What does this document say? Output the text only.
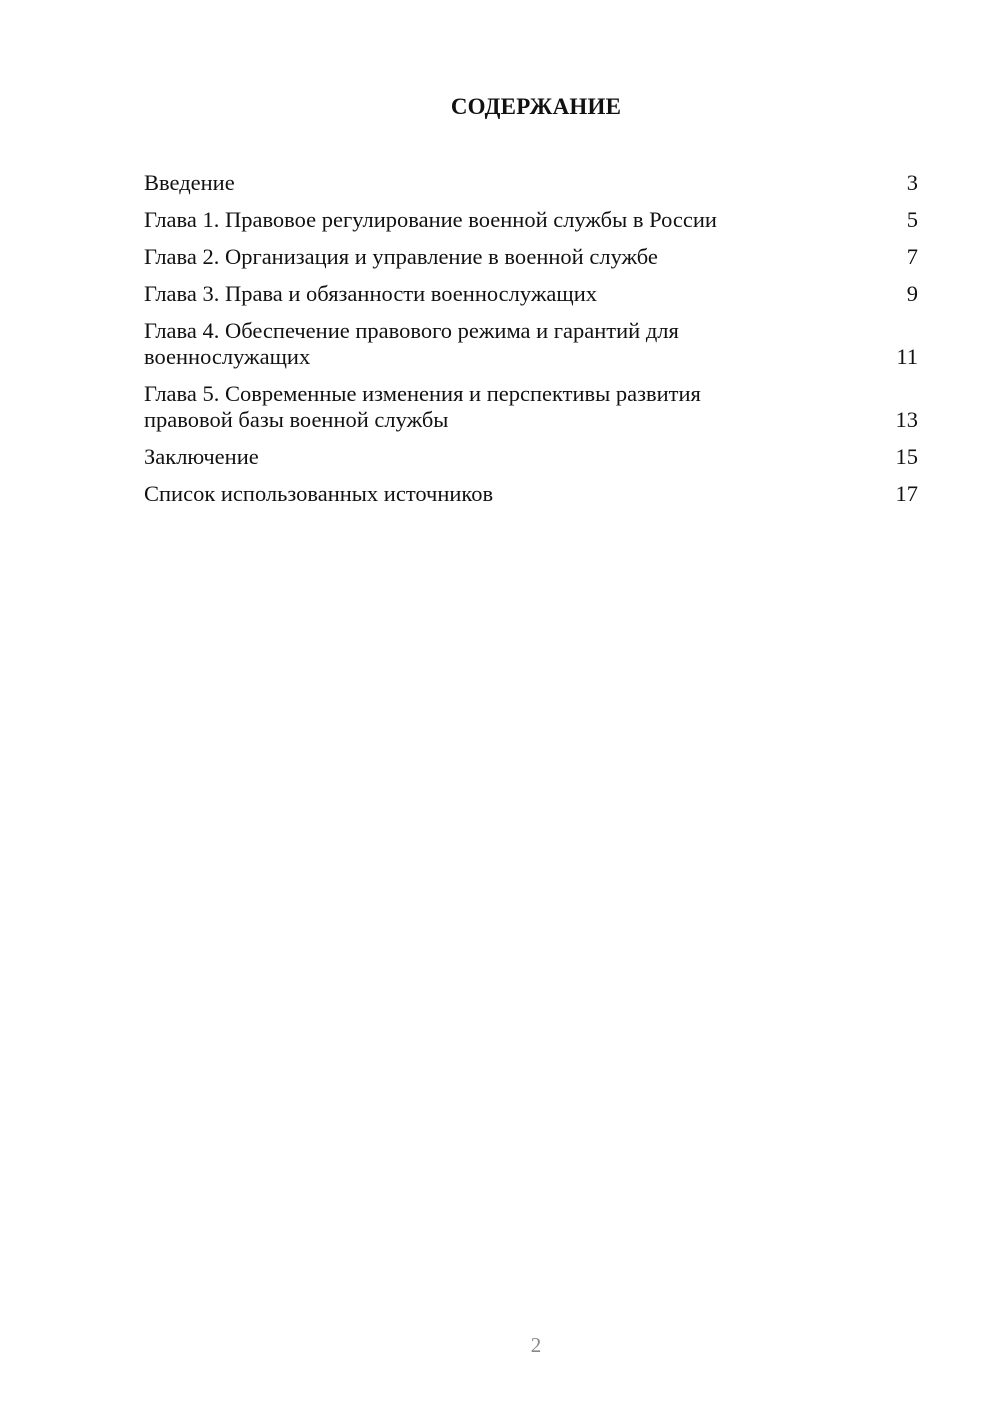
СОДЕРЖАНИЕ
Введение	3
Глава 1. Правовое регулирование военной службы в России	5
Глава 2. Организация и управление в военной службе	7
Глава 3. Права и обязанности военнослужащих	9
Глава 4. Обеспечение правового режима и гарантий для военнослужащих	11
Глава 5. Современные изменения и перспективы развития правовой базы военной службы	13
Заключение	15
Список использованных источников	17
2
